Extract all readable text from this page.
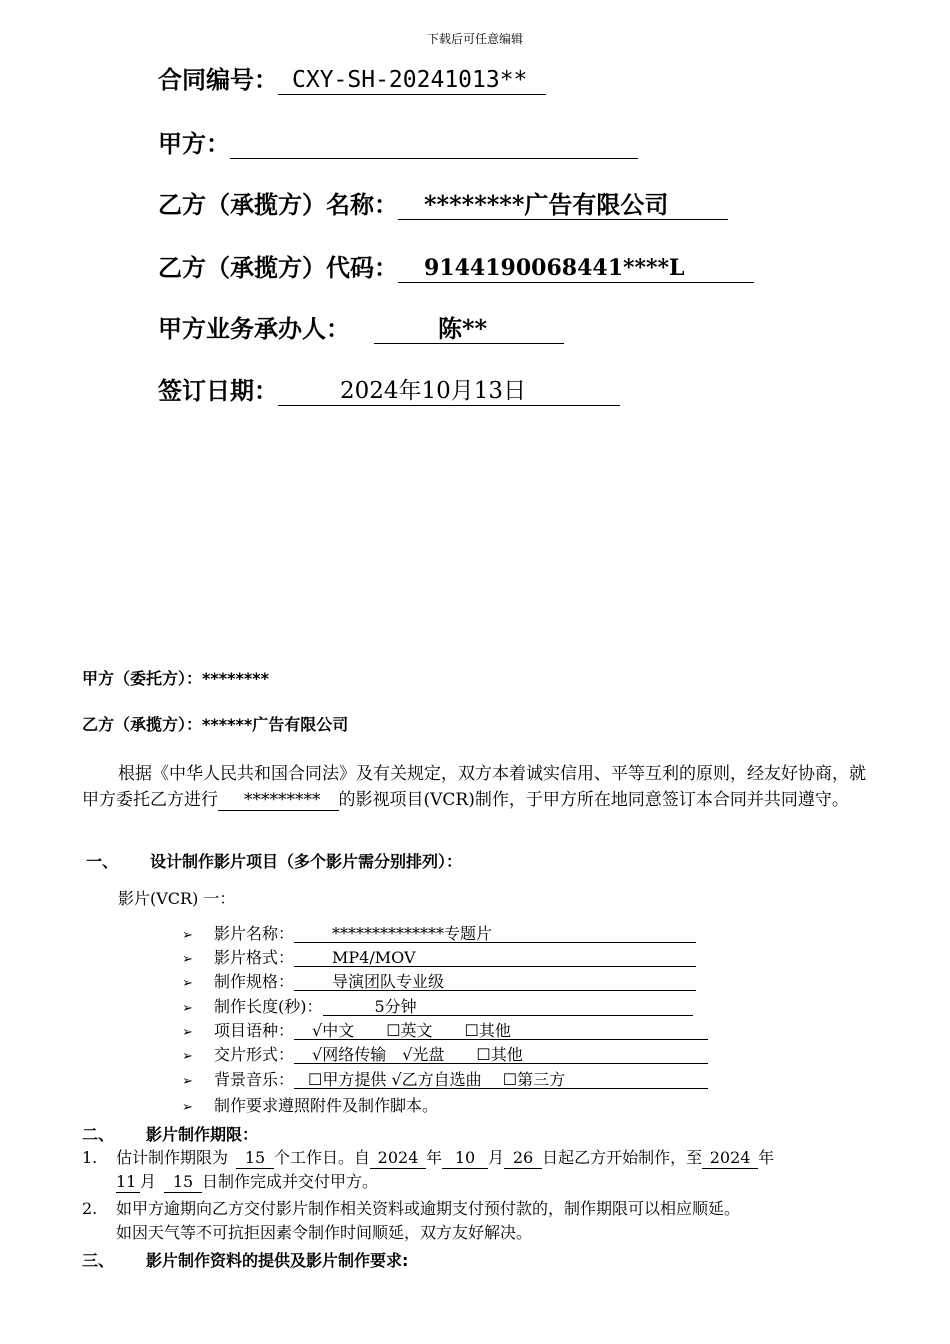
下载后可任意编辑
合同编号： CXY-SH-20241013**
甲方：
乙方（承揽方）名称： ********广告有限公司
乙方（承揽方）代码： 9144190068441****L
甲方业务承办人：	陈**
签订日期：	2024年10月13日
甲方（委托方）：********
乙方（承揽方）：******广告有限公司

根据《中华人民共和国合同法》及有关规定，双方本着诚实信用、平等互利的原则，经友好协商，就甲方委托乙方进行 ********* 的影视项目(VCR)制作，于甲方所在地同意签订本合同并共同遵守。

一、 设计制作影片项目（多个影片需分别排列）：
影片(VCR) 一：
➢ 影片名称： **************专题片
➢ 影片格式： MP4/MOV
➢ 制作规格： 导演团队专业级
➢ 制作长度(秒)：	5分钟
➢ 项目语种： √中文　　☐英文　　☐其他
➢ 交片形式： √网络传输　√光盘　　☐其他
➢ 背景音乐： ☐甲方提供 √乙方自选曲　 ☐第三方
➢ 制作要求遵照附件及制作脚本。
二、 影片制作期限：
1. 估计制作期限为 15 个工作日。自 2024 年 10 月 26 日起乙方开始制作，至 2024 年
11 月 15 日制作完成并交付甲方。
2. 如甲方逾期向乙方交付影片制作相关资料或逾期支付预付款的，制作期限可以相应顺延。
如因天气等不可抗拒因素令制作时间顺延，双方友好解决。
三、 影片制作资料的提供及影片制作要求:
